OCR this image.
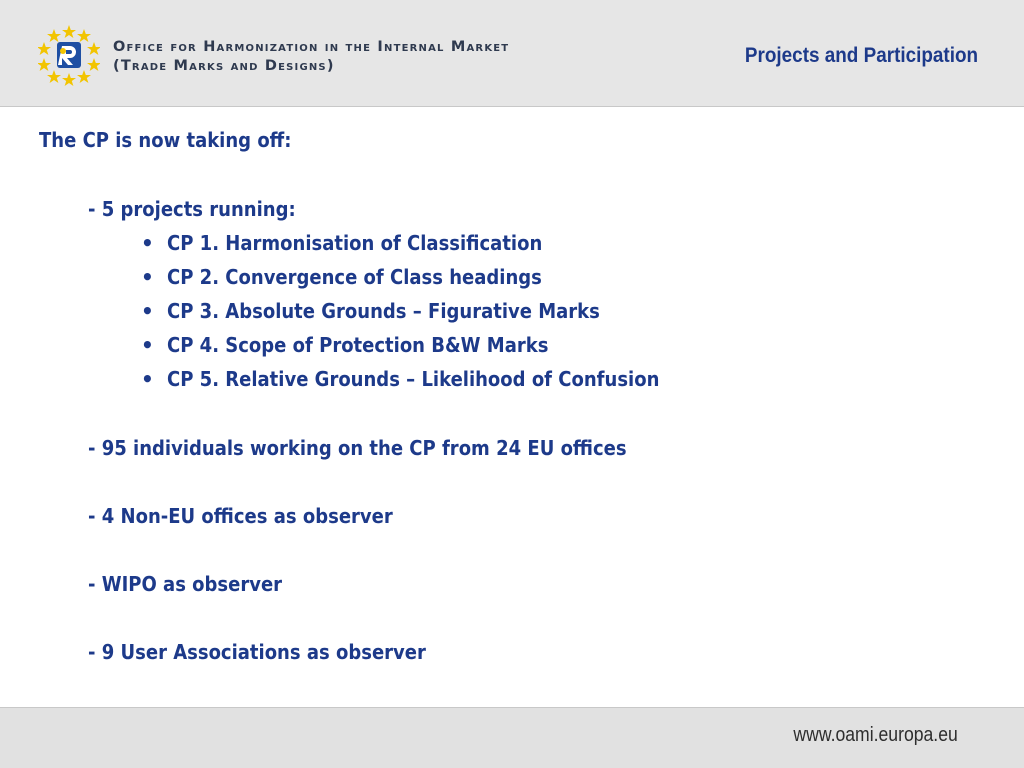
Office for Harmonization in the Internal Market
(Trade Marks and Designs)	Projects and Participation
The CP is now taking off:
- 5 projects running:
• CP 1. Harmonisation of Classification
• CP 2. Convergence of Class headings
• CP 3. Absolute Grounds – Figurative Marks
• CP 4. Scope of Protection B&W Marks
• CP 5. Relative Grounds – Likelihood of Confusion
- 95 individuals working on the CP from 24 EU offices
- 4 Non-EU offices as observer
- WIPO as observer
- 9 User Associations as observer
www.oami.europa.eu
